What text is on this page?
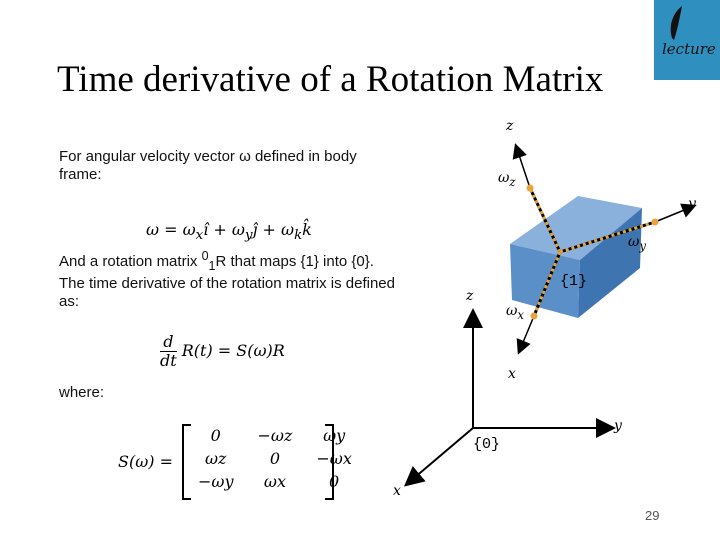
Time derivative of a Rotation Matrix
lecture
For angular velocity vector ω defined in body frame:
$\omega = \omega_xî$ + $\omega_yĵ$ + $\omega_kk̂$
And a rotation matrix $^0_1$R that maps {1} into {0}. The time derivative of the rotation matrix is defined as:
d

dt
R(t) = S(ω)R
where:
S(ω) =
0	−ωz	ωy
ωz	0	−ωx
−ωy	ωx	0
z
$\omega_z$
y
$\omega_y$
{1}
z
$\omega_x$
x
y
{0}
x
29
